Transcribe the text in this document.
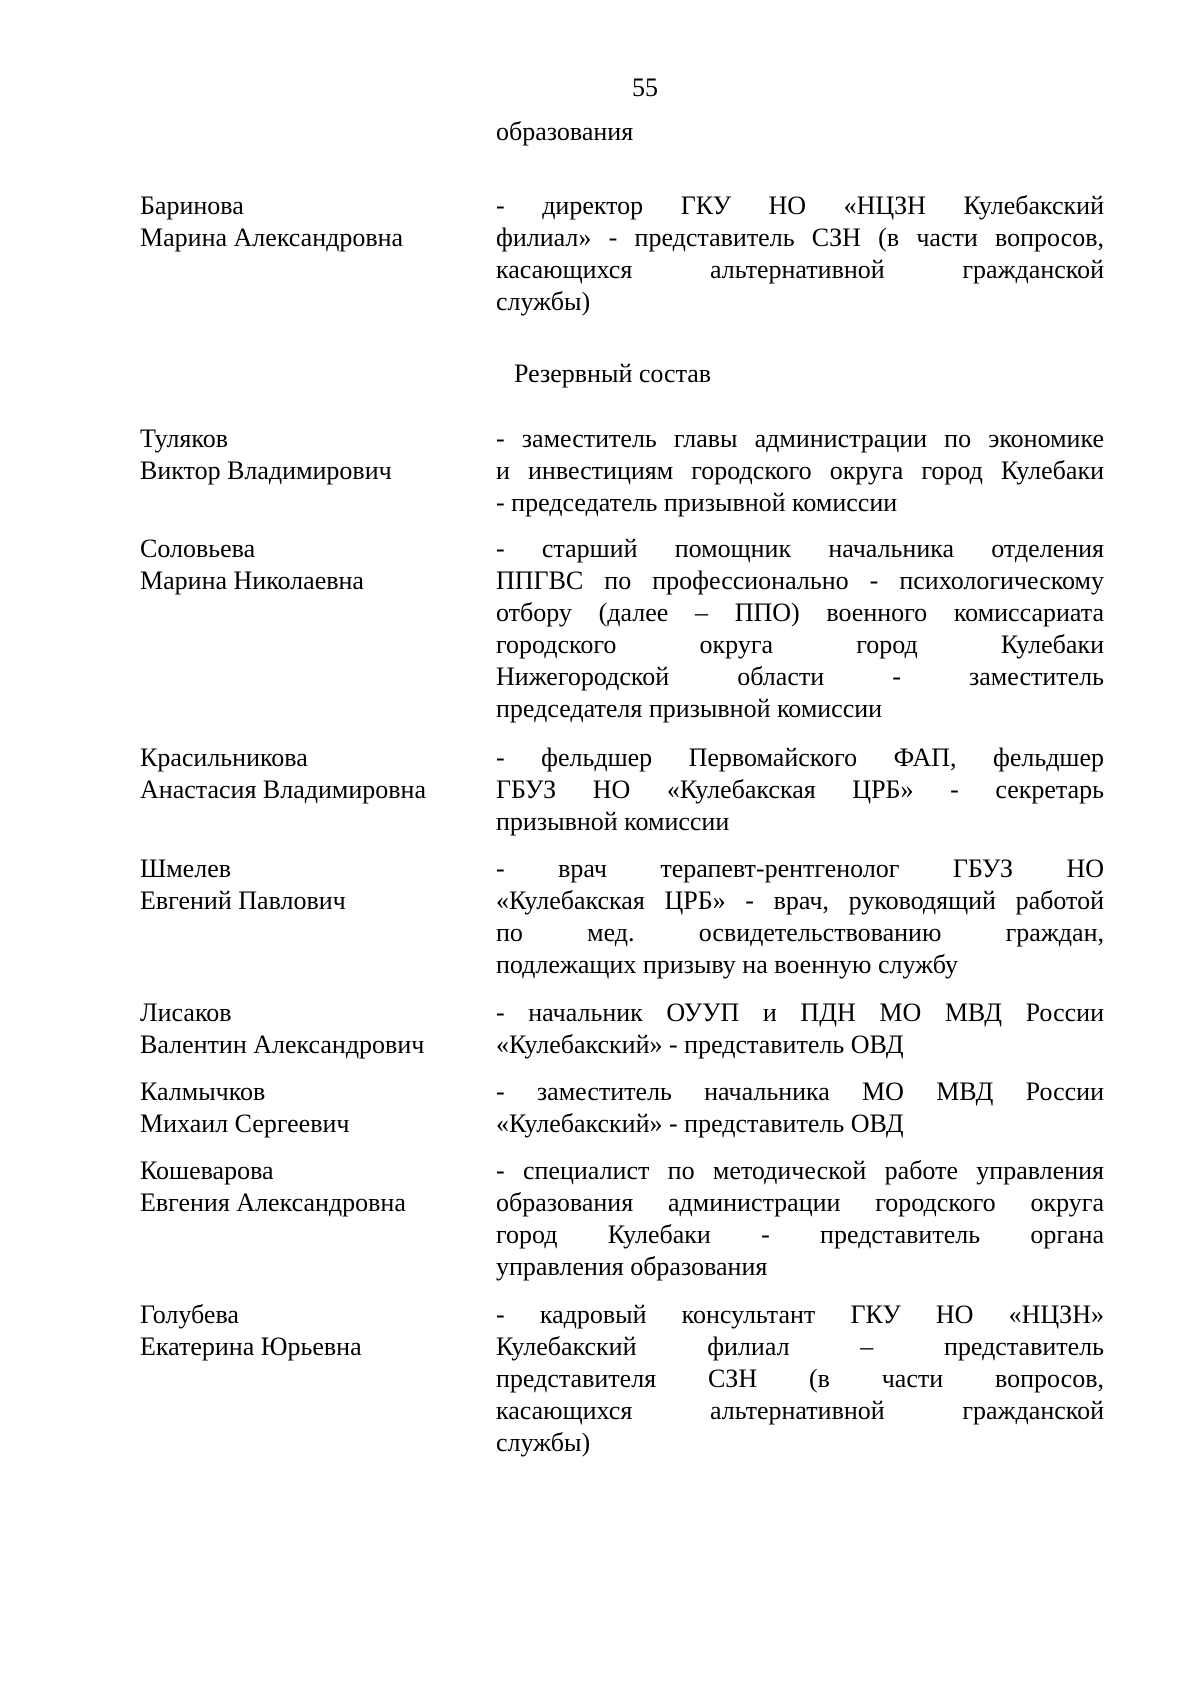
55
образования
Баринова
Марина Александровна
- директор ГКУ НО «НЦЗН Кулебакский
филиал» - представитель СЗН (в части вопросов,
касающихся альтернативной гражданской
службы)
Резервный состав
Туляков
Виктор Владимирович
- заместитель главы администрации по экономике
и инвестициям городского округа город Кулебаки
- председатель призывной комиссии
Соловьева
Марина Николаевна
- старший помощник начальника отделения
ППГВС по профессионально - психологическому
отбору (далее – ППО) военного комиссариата
городского округа город Кулебаки
Нижегородской области - заместитель
председателя призывной комиссии
Красильникова
Анастасия Владимировна
- фельдшер Первомайского ФАП, фельдшер
ГБУЗ НО «Кулебакская ЦРБ» - секретарь
призывной комиссии
Шмелев
Евгений Павлович
- врач терапевт-рентгенолог ГБУЗ НО
«Кулебакская ЦРБ» - врач, руководящий работой
по мед. освидетельствованию граждан,
подлежащих призыву на военную службу
Лисаков
Валентин Александрович
- начальник ОУУП и ПДН МО МВД России
«Кулебакский» - представитель ОВД
Калмычков
Михаил Сергеевич
- заместитель начальника МО МВД России
«Кулебакский» - представитель ОВД
Кошеварова
Евгения Александровна
- специалист по методической работе управления
образования администрации городского округа
город Кулебаки - представитель органа
управления образования
Голубева
Екатерина Юрьевна
- кадровый консультант ГКУ НО «НЦЗН»
Кулебакский филиал – представитель
представителя СЗН (в части вопросов,
касающихся альтернативной гражданской
службы)
